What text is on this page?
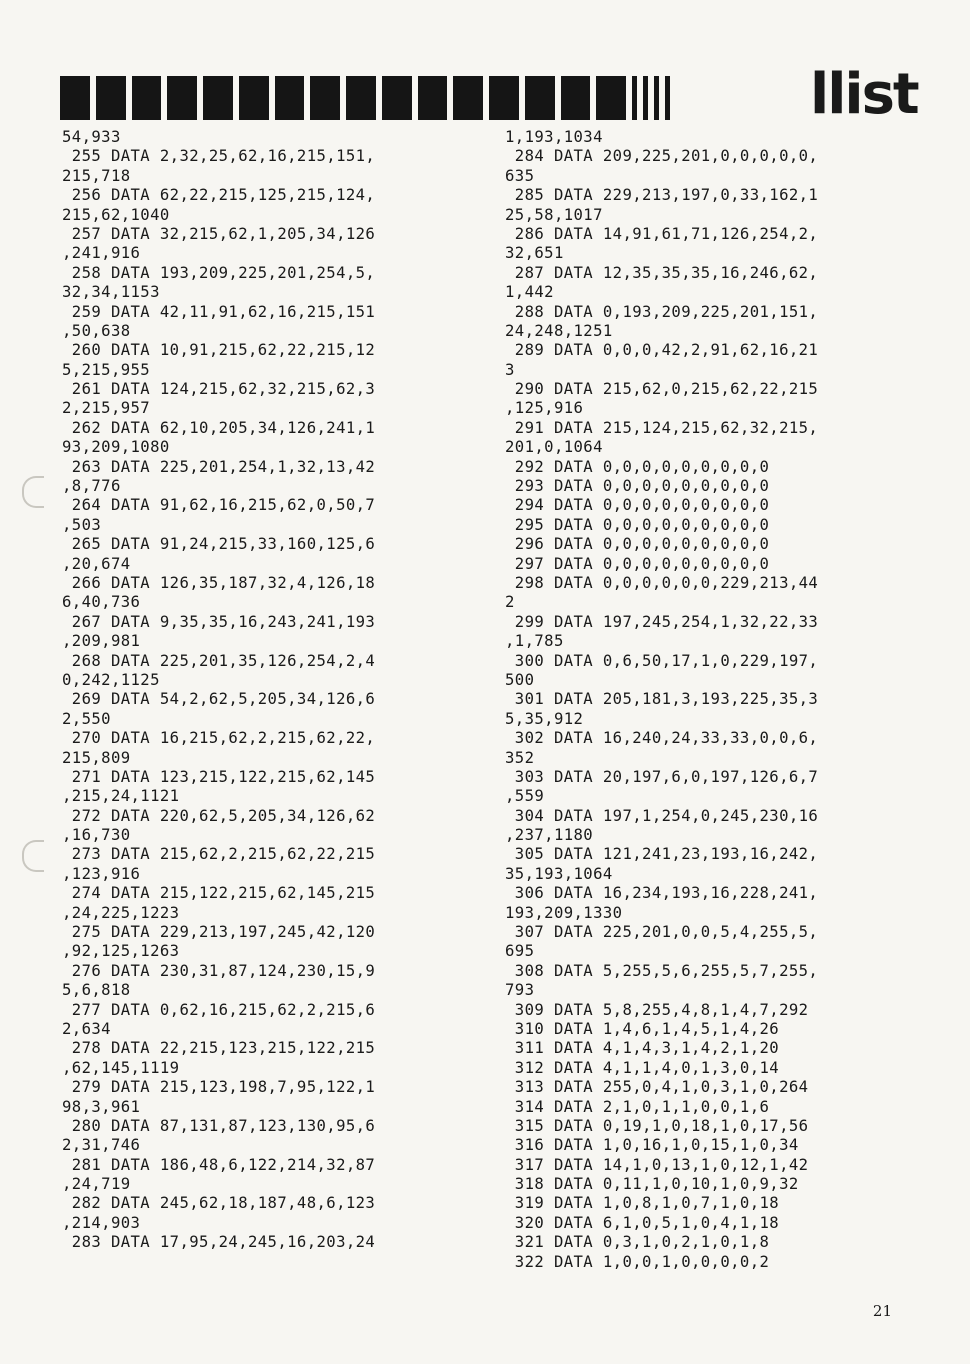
llist
54,933
255 DATA 2,32,25,62,16,215,151,
215,718
256 DATA 62,22,215,125,215,124,
215,62,1040
257 DATA 32,215,62,1,205,34,126
,241,916
258 DATA 193,209,225,201,254,5,
32,34,1153
259 DATA 42,11,91,62,16,215,151
,50,638
260 DATA 10,91,215,62,22,215,12
5,215,955
261 DATA 124,215,62,32,215,62,3
2,215,957
262 DATA 62,10,205,34,126,241,1
93,209,1080
263 DATA 225,201,254,1,32,13,42
,8,776
264 DATA 91,62,16,215,62,0,50,7
,503
265 DATA 91,24,215,33,160,125,6
,20,674
266 DATA 126,35,187,32,4,126,18
6,40,736
267 DATA 9,35,35,16,243,241,193
,209,981
268 DATA 225,201,35,126,254,2,4
0,242,1125
269 DATA 54,2,62,5,205,34,126,6
2,550
270 DATA 16,215,62,2,215,62,22,
215,809
271 DATA 123,215,122,215,62,145
,215,24,1121
272 DATA 220,62,5,205,34,126,62
,16,730
273 DATA 215,62,2,215,62,22,215
,123,916
274 DATA 215,122,215,62,145,215
,24,225,1223
275 DATA 229,213,197,245,42,120
,92,125,1263
276 DATA 230,31,87,124,230,15,9
5,6,818
277 DATA 0,62,16,215,62,2,215,6
2,634
278 DATA 22,215,123,215,122,215
,62,145,1119
279 DATA 215,123,198,7,95,122,1
98,3,961
280 DATA 87,131,87,123,130,95,6
2,31,746
281 DATA 186,48,6,122,214,32,87
,24,719
282 DATA 245,62,18,187,48,6,123
,214,903
283 DATA 17,95,24,245,16,203,24
1,193,1034
284 DATA 209,225,201,0,0,0,0,0,
635
285 DATA 229,213,197,0,33,162,1
25,58,1017
286 DATA 14,91,61,71,126,254,2,
32,651
287 DATA 12,35,35,35,16,246,62,
1,442
288 DATA 0,193,209,225,201,151,
24,248,1251
289 DATA 0,0,0,42,2,91,62,16,21
3
290 DATA 215,62,0,215,62,22,215
,125,916
291 DATA 215,124,215,62,32,215,
201,0,1064
292 DATA 0,0,0,0,0,0,0,0,0
293 DATA 0,0,0,0,0,0,0,0,0
294 DATA 0,0,0,0,0,0,0,0,0
295 DATA 0,0,0,0,0,0,0,0,0
296 DATA 0,0,0,0,0,0,0,0,0
297 DATA 0,0,0,0,0,0,0,0,0
298 DATA 0,0,0,0,0,0,229,213,44
2
299 DATA 197,245,254,1,32,22,33
,1,785
300 DATA 0,6,50,17,1,0,229,197,
500
301 DATA 205,181,3,193,225,35,3
5,35,912
302 DATA 16,240,24,33,33,0,0,6,
352
303 DATA 20,197,6,0,197,126,6,7
,559
304 DATA 197,1,254,0,245,230,16
,237,1180
305 DATA 121,241,23,193,16,242,
35,193,1064
306 DATA 16,234,193,16,228,241,
193,209,1330
307 DATA 225,201,0,0,5,4,255,5,
695
308 DATA 5,255,5,6,255,5,7,255,
793
309 DATA 5,8,255,4,8,1,4,7,292
310 DATA 1,4,6,1,4,5,1,4,26
311 DATA 4,1,4,3,1,4,2,1,20
312 DATA 4,1,1,4,0,1,3,0,14
313 DATA 255,0,4,1,0,3,1,0,264
314 DATA 2,1,0,1,1,0,0,1,6
315 DATA 0,19,1,0,18,1,0,17,56
316 DATA 1,0,16,1,0,15,1,0,34
317 DATA 14,1,0,13,1,0,12,1,42
318 DATA 0,11,1,0,10,1,0,9,32
319 DATA 1,0,8,1,0,7,1,0,18
320 DATA 6,1,0,5,1,0,4,1,18
321 DATA 0,3,1,0,2,1,0,1,8
322 DATA 1,0,0,1,0,0,0,0,2
21
